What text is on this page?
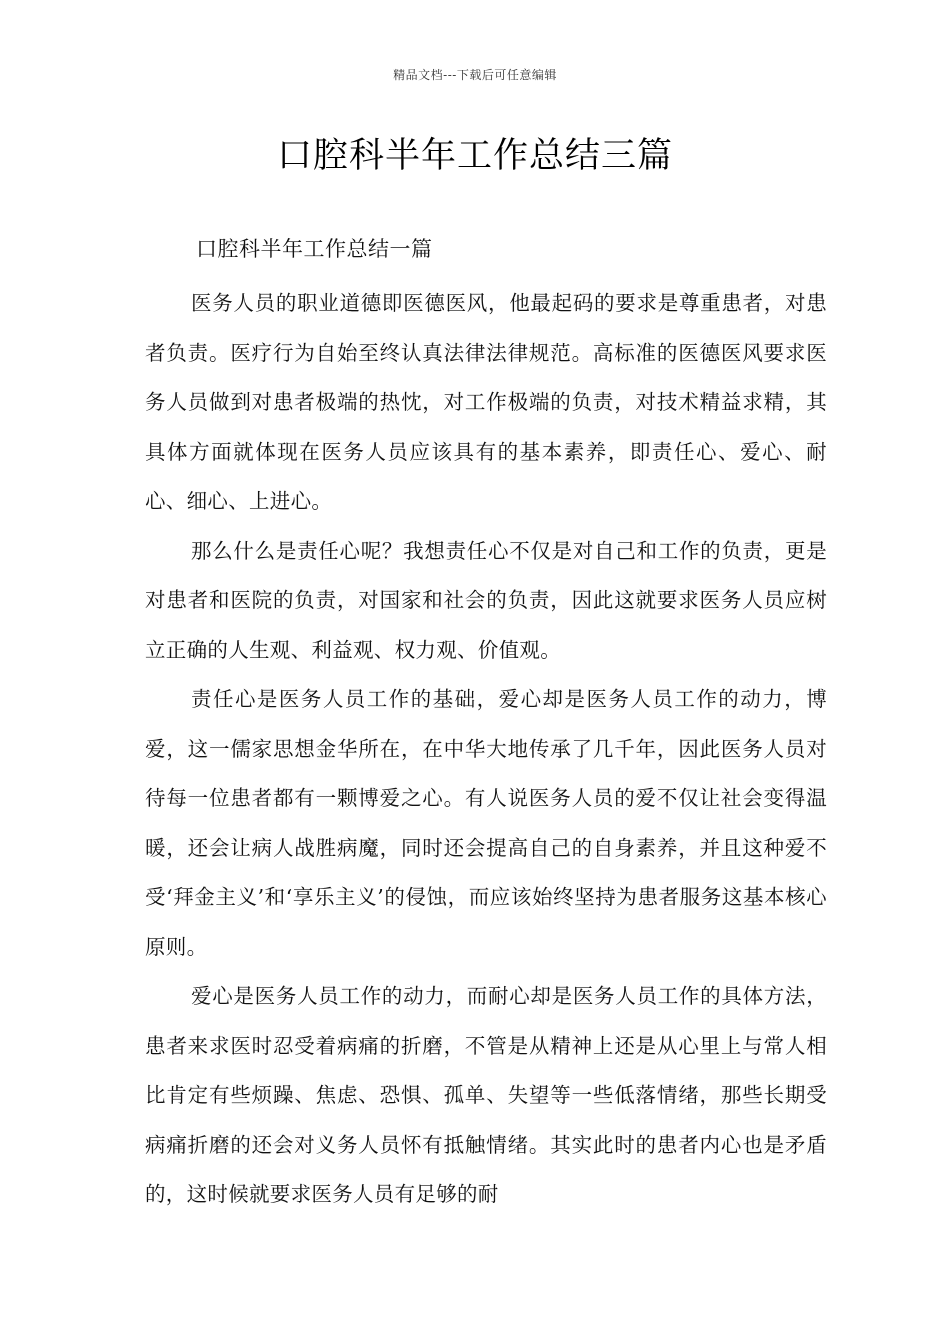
精品文档---下载后可任意编辑
口腔科半年工作总结三篇
口腔科半年工作总结一篇

医务人员的职业道德即医德医风，他最起码的要求是尊重患者，对患者负责。医疗行为自始至终认真法律法律规范。高标准的医德医风要求医务人员做到对患者极端的热忱，对工作极端的负责，对技术精益求精，其具体方面就体现在医务人员应该具有的基本素养，即责任心、爱心、耐心、细心、上进心。

那么什么是责任心呢？我想责任心不仅是对自己和工作的负责，更是对患者和医院的负责，对国家和社会的负责，因此这就要求医务人员应树立正确的人生观、利益观、权力观、价值观。

责任心是医务人员工作的基础，爱心却是医务人员工作的动力，博爱，这一儒家思想金华所在，在中华大地传承了几千年，因此医务人员对待每一位患者都有一颗博爱之心。有人说医务人员的爱不仅让社会变得温暖，还会让病人战胜病魔，同时还会提高自己的自身素养，并且这种爱不受‘拜金主义’和‘享乐主义’的侵蚀，而应该始终坚持为患者服务这基本核心原则。

爱心是医务人员工作的动力，而耐心却是医务人员工作的具体方法，患者来求医时忍受着病痛的折磨，不管是从精神上还是从心里上与常人相比肯定有些烦躁、焦虑、恐惧、孤单、失望等一些低落情绪，那些长期受病痛折磨的还会对义务人员怀有抵触情绪。其实此时的患者内心也是矛盾的，这时候就要求医务人员有足够的耐
